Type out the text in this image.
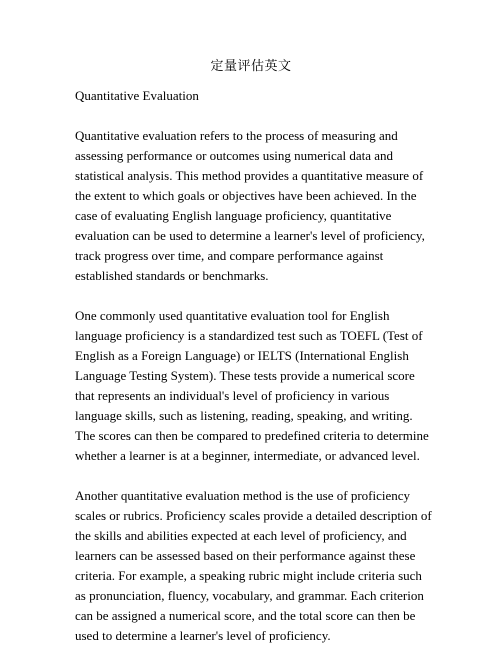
定量评估英文

Quantitative Evaluation

Quantitative evaluation refers to the process of measuring and assessing performance or outcomes using numerical data and statistical analysis. This method provides a quantitative measure of the extent to which goals or objectives have been achieved. In the case of evaluating English language proficiency, quantitative evaluation can be used to determine a learner's level of proficiency, track progress over time, and compare performance against established standards or benchmarks.

One commonly used quantitative evaluation tool for English language proficiency is a standardized test such as TOEFL (Test of English as a Foreign Language) or IELTS (International English Language Testing System). These tests provide a numerical score that represents an individual's level of proficiency in various language skills, such as listening, reading, speaking, and writing. The scores can then be compared to predefined criteria to determine whether a learner is at a beginner, intermediate, or advanced level.

Another quantitative evaluation method is the use of proficiency scales or rubrics. Proficiency scales provide a detailed description of the skills and abilities expected at each level of proficiency, and learners can be assessed based on their performance against these criteria. For example, a speaking rubric might include criteria such as pronunciation, fluency, vocabulary, and grammar. Each criterion can be assigned a numerical score, and the total score can then be used to determine a learner's level of proficiency.
